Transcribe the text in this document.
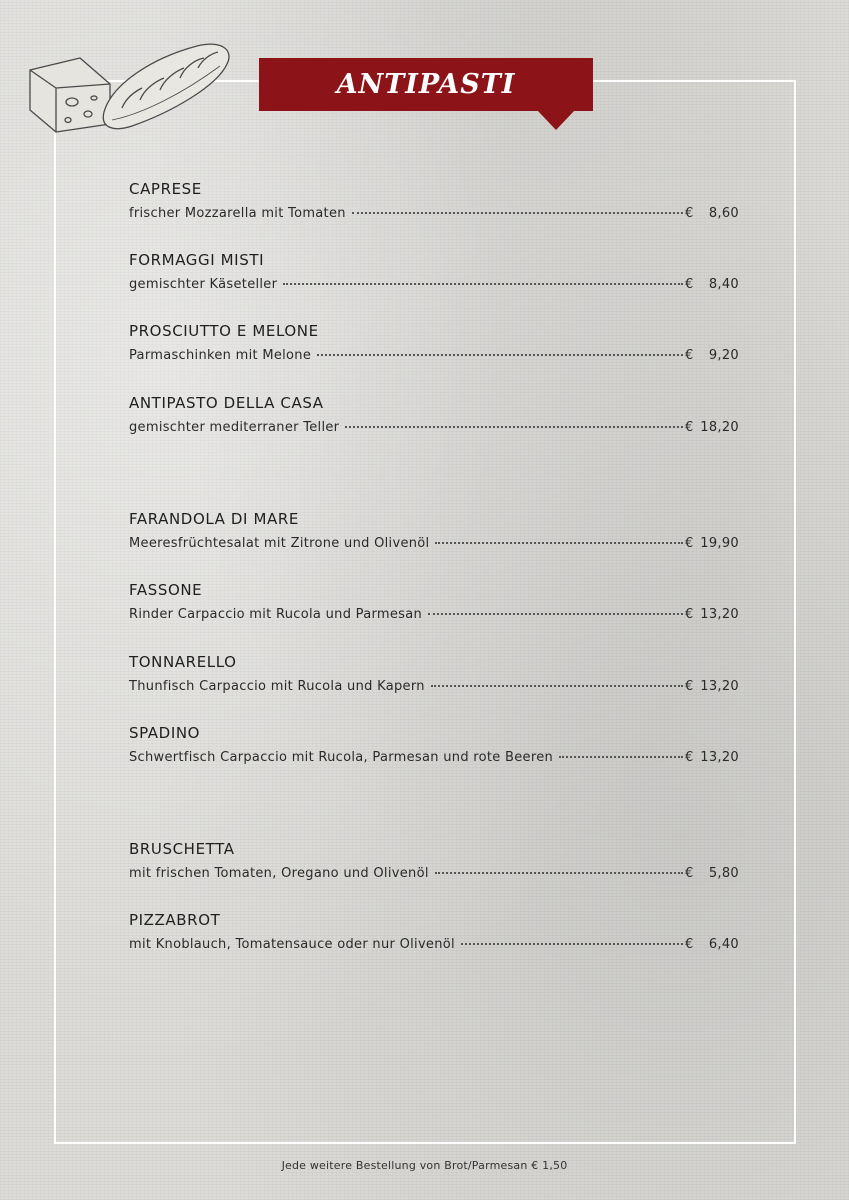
ANTIPASTI
CAPRESE
frischer Mozzarella mit Tomaten	€ 8,60
FORMAGGI MISTI
gemischter Käseteller	€ 8,40
PROSCIUTTO E MELONE
Parmaschinken mit Melone	€ 9,20
ANTIPASTO DELLA CASA
gemischter mediterraner Teller	€ 18,20
FARANDOLA DI MARE
Meeresfrüchtesalat mit Zitrone und Olivenöl	€ 19,90
FASSONE
Rinder Carpaccio mit Rucola und Parmesan	€ 13,20
TONNARELLO
Thunfisch Carpaccio mit Rucola und Kapern	€ 13,20
SPADINO
Schwertfisch Carpaccio mit Rucola, Parmesan und rote Beeren	€ 13,20
BRUSCHETTA
mit frischen Tomaten, Oregano und Olivenöl	€ 5,80
PIZZABROT
mit Knoblauch, Tomatensauce oder nur Olivenöl	€ 6,40
Jede weitere Bestellung von Brot/Parmesan € 1,50
